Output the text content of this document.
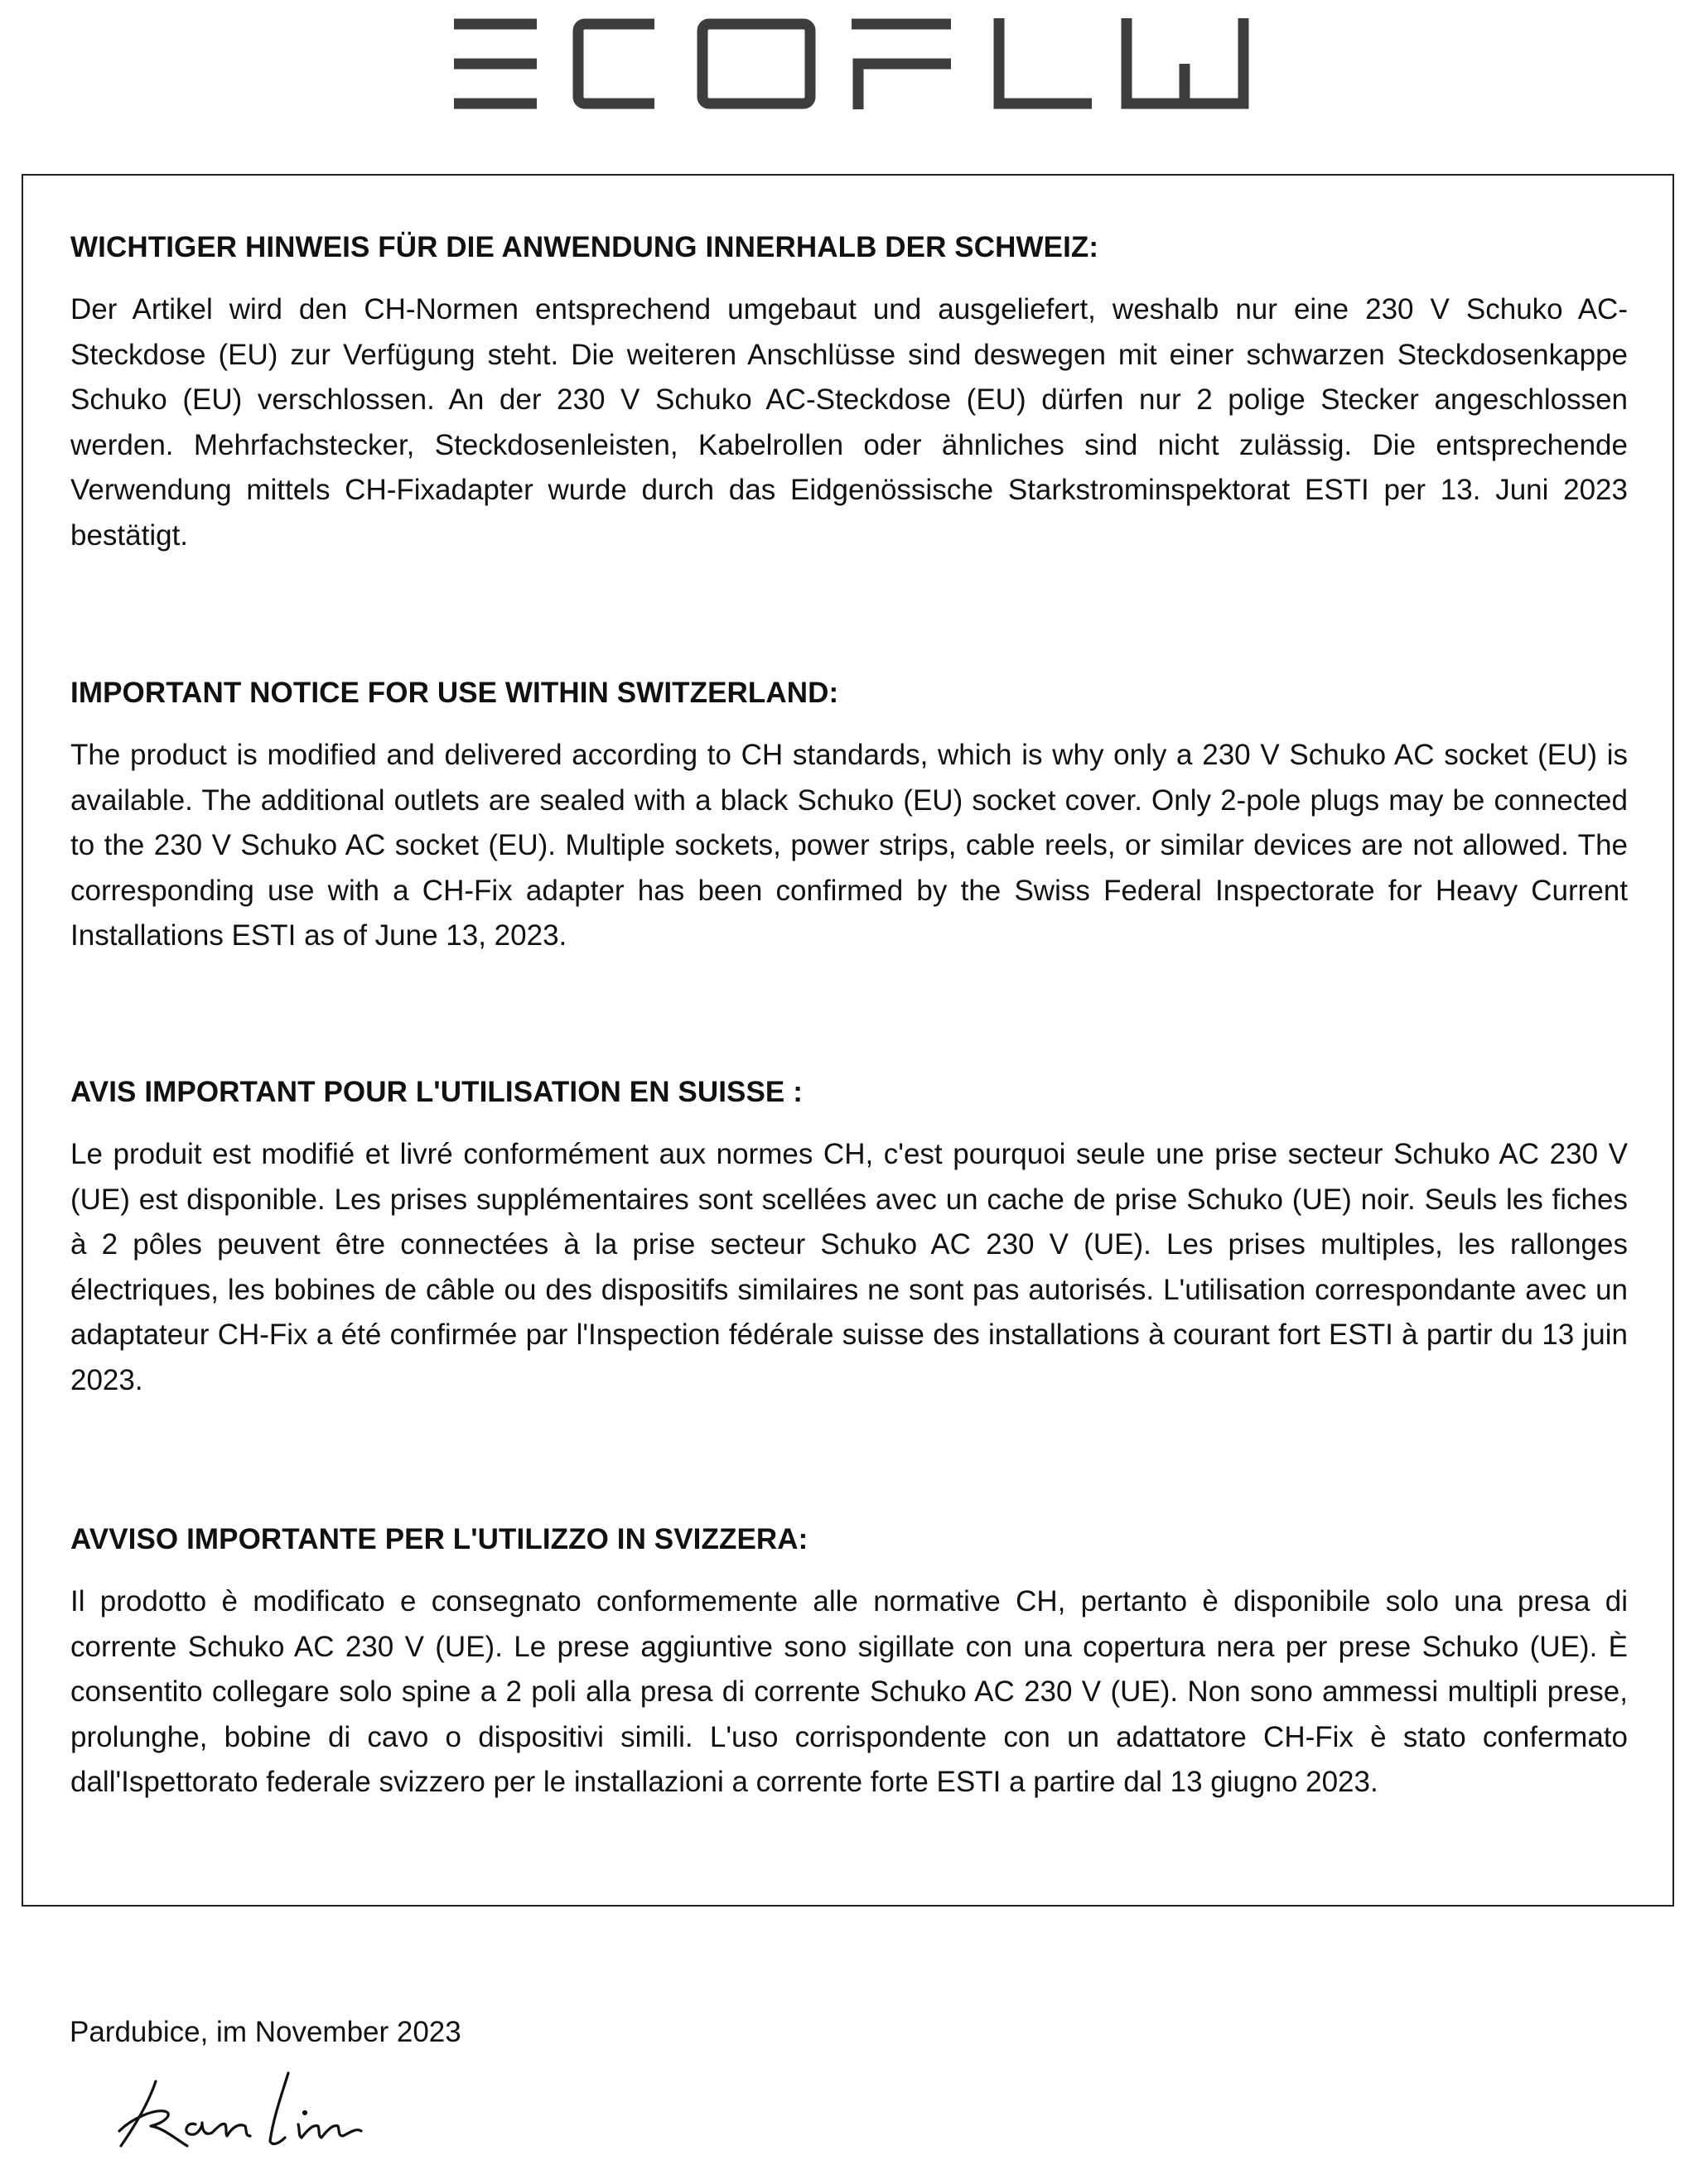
WICHTIGER HINWEIS FÜR DIE ANWENDUNG INNERHALB DER SCHWEIZ:

Der Artikel wird den CH-Normen entsprechend umgebaut und ausgeliefert, weshalb nur eine 230 V Schuko AC-Steckdose (EU) zur Verfügung steht. Die weiteren Anschlüsse sind deswegen mit einer schwarzen Steckdosenkappe Schuko (EU) verschlossen. An der 230 V Schuko AC-Steckdose (EU) dürfen nur 2 polige Stecker angeschlossen werden. Mehrfachstecker, Steckdosenleisten, Kabelrollen oder ähnliches sind nicht zulässig. Die entsprechende Verwendung mittels CH-Fixadapter wurde durch das Eidgenössische Starkstrominspektorat ESTI per 13. Juni 2023 bestätigt.

IMPORTANT NOTICE FOR USE WITHIN SWITZERLAND:

The product is modified and delivered according to CH standards, which is why only a 230 V Schuko AC socket (EU) is available. The additional outlets are sealed with a black Schuko (EU) socket cover. Only 2-pole plugs may be connected to the 230 V Schuko AC socket (EU). Multiple sockets, power strips, cable reels, or similar devices are not allowed. The corresponding use with a CH-Fix adapter has been confirmed by the Swiss Federal Inspectorate for Heavy Current Installations ESTI as of June 13, 2023.

AVIS IMPORTANT POUR L'UTILISATION EN SUISSE :

Le produit est modifié et livré conformément aux normes CH, c'est pourquoi seule une prise secteur Schuko AC 230 V (UE) est disponible. Les prises supplémentaires sont scellées avec un cache de prise Schuko (UE) noir. Seuls les fiches à 2 pôles peuvent être connectées à la prise secteur Schuko AC 230 V (UE). Les prises multiples, les rallonges électriques, les bobines de câble ou des dispositifs similaires ne sont pas autorisés. L'utilisation correspondante avec un adaptateur CH-Fix a été confirmée par l'Inspection fédérale suisse des installations à courant fort ESTI à partir du 13 juin 2023.

AVVISO IMPORTANTE PER L'UTILIZZO IN SVIZZERA:

Il prodotto è modificato e consegnato conformemente alle normative CH, pertanto è disponibile solo una presa di corrente Schuko AC 230 V (UE). Le prese aggiuntive sono sigillate con una copertura nera per prese Schuko (UE). È consentito collegare solo spine a 2 poli alla presa di corrente Schuko AC 230 V (UE). Non sono ammessi multipli prese, prolunghe, bobine di cavo o dispositivi simili. L'uso corrispondente con un adattatore CH-Fix è stato confermato dall'Ispettorato federale svizzero per le installazioni a corrente forte ESTI a partire dal 13 giugno 2023.

Pardubice, im November 2023
